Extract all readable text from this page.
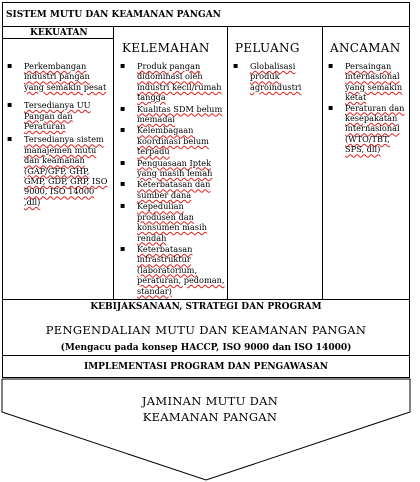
SISTEM MUTU DAN KEAMANAN PANGAN
KEKUATAN
KELEMAHAN PELUANG	ANCAMAN
▪ Perkembangan industri pangan yang semakin pesat
▪ Tersedianya UU Pangan dan Peraturan
▪ Tersedianya sistem manajemen mutu dan keamanan (GAP/GFP, GHP, GMP, GDP, GRP, ISO 9000, ISO 14000 ,dll)
▪ Produk pangan didominasi oleh industri kecil/rumah tangga
▪ Kualitas SDM belum memadai
▪ Kelembagaan koordinasi belum terpadu
▪ Penguasaan Iptek yang masih lemah
▪ Keterbatasan dan sumber dana
▪ Kepedulian produsen dan konsumen masih rendah
▪ Keterbatasan infrastruktur (laboratorium, peraturan, pedoman, standar)
▪ Globalisasi produk agroindustri
▪ Persaingan internasional yang semakin ketat
▪ Peraturan dan kesepakatan internasional (WTO/TBT, SPS, dll)
KEBIJAKSANAAN, STRATEGI DAN PROGRAM
PENGENDALIAN MUTU DAN KEAMANAN PANGAN
(Mengacu pada konsep HACCP, ISO 9000 dan ISO 14000)
IMPLEMENTASI PROGRAM DAN PENGAWASAN
JAMINAN MUTU DAN
KEAMANAN PANGAN
